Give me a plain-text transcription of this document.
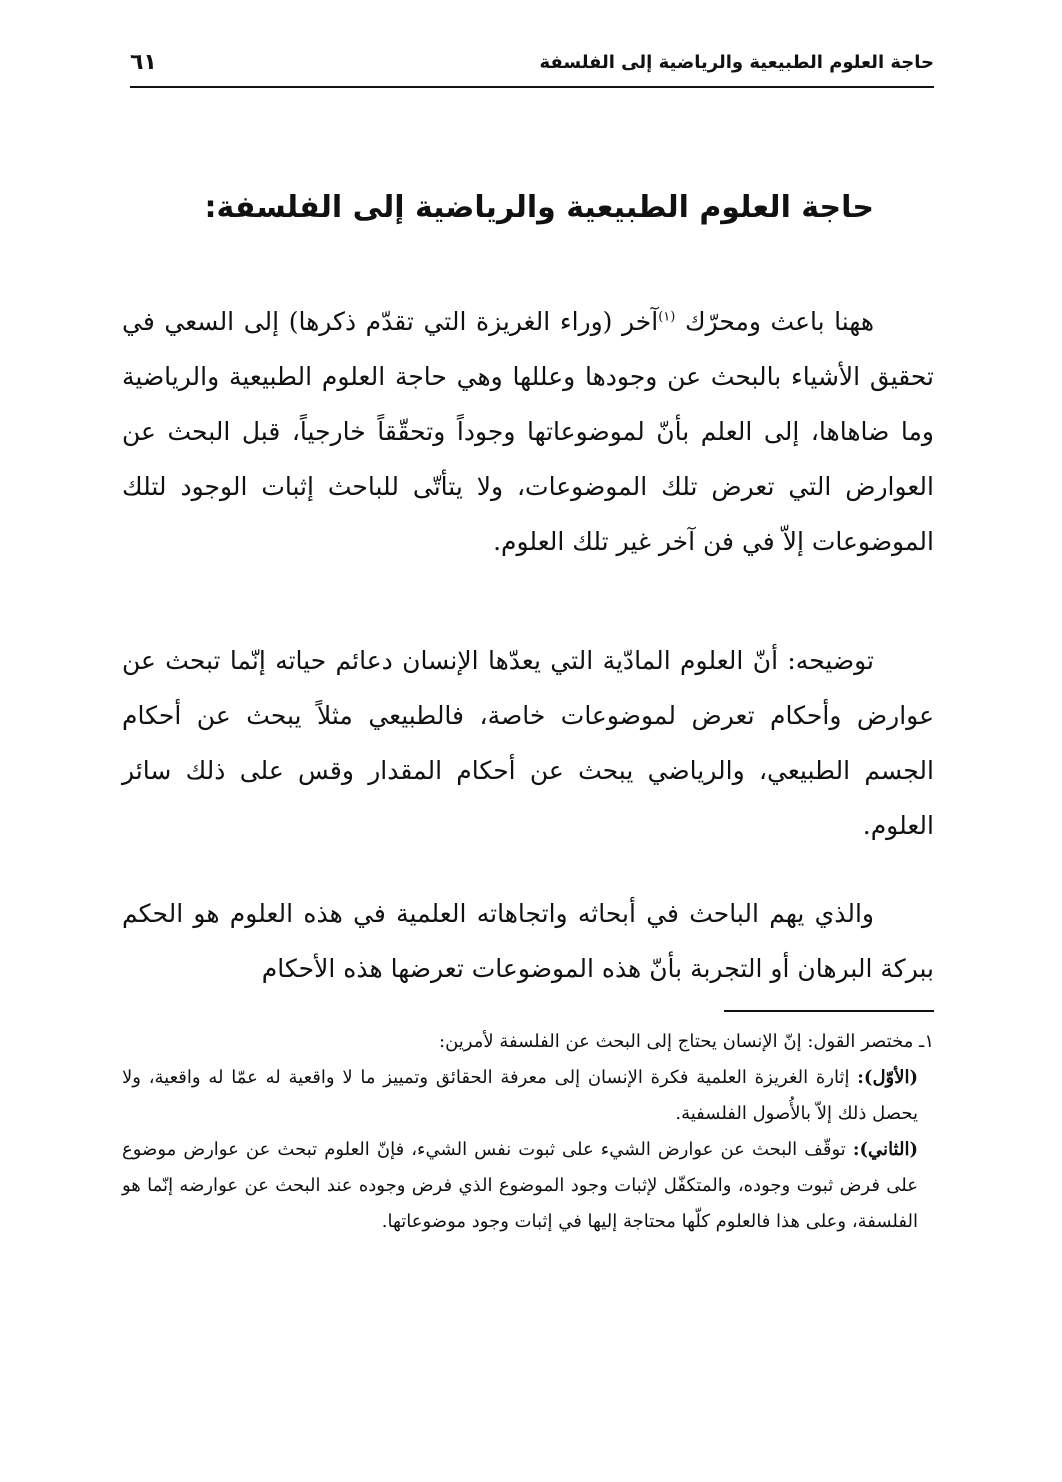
حاجة العلوم الطبيعية والرياضية إلى الفلسفة
٦١
حاجة العلوم الطبيعية والرياضية إلى الفلسفة:

ههنا باعث ومحرّك $^{(١)}$آخر (وراء الغريزة التي تقدّم ذكرها) إلى السعي في تحقيق الأشياء بالبحث عن وجودها وعللها وهي حاجة العلوم الطبيعية والرياضية وما ضاهاها، إلى العلم بأنّ لموضوعاتها وجوداً وتحقّقاً خارجياً، قبل البحث عن العوارض التي تعرض تلك الموضوعات، ولا يتأتّى للباحث إثبات الوجود لتلك الموضوعات إلاّ في فن آخر غير تلك العلوم.

توضيحه: أنّ العلوم المادّية التي يعدّها الإنسان دعائم حياته إنّما تبحث عن عوارض وأحكام تعرض لموضوعات خاصة، فالطبيعي مثلاً يبحث عن أحكام الجسم الطبيعي، والرياضي يبحث عن أحكام المقدار وقس على ذلك سائر العلوم.

والذي يهم الباحث في أبحاثه واتجاهاته العلمية في هذه العلوم هو الحكم ببركة البرهان أو التجربة بأنّ هذه الموضوعات تعرضها هذه الأحكام

١ـ مختصر القول: إنّ الإنسان يحتاج إلى البحث عن الفلسفة لأمرين:

(الأوّل): إثارة الغريزة العلمية فكرة الإنسان إلى معرفة الحقائق وتمييز ما لا واقعية له عمّا له واقعية، ولا يحصل ذلك إلاّ بالأُصول الفلسفية.

(الثاني): توقّف البحث عن عوارض الشيء على ثبوت نفس الشيء، فإنّ العلوم تبحث عن عوارض موضوع على فرض ثبوت وجوده، والمتكفّل لإثبات وجود الموضوع الذي فرض وجوده عند البحث عن عوارضه إنّما هو الفلسفة، وعلى هذا فالعلوم كلّها محتاجة إليها في إثبات وجود موضوعاتها.
